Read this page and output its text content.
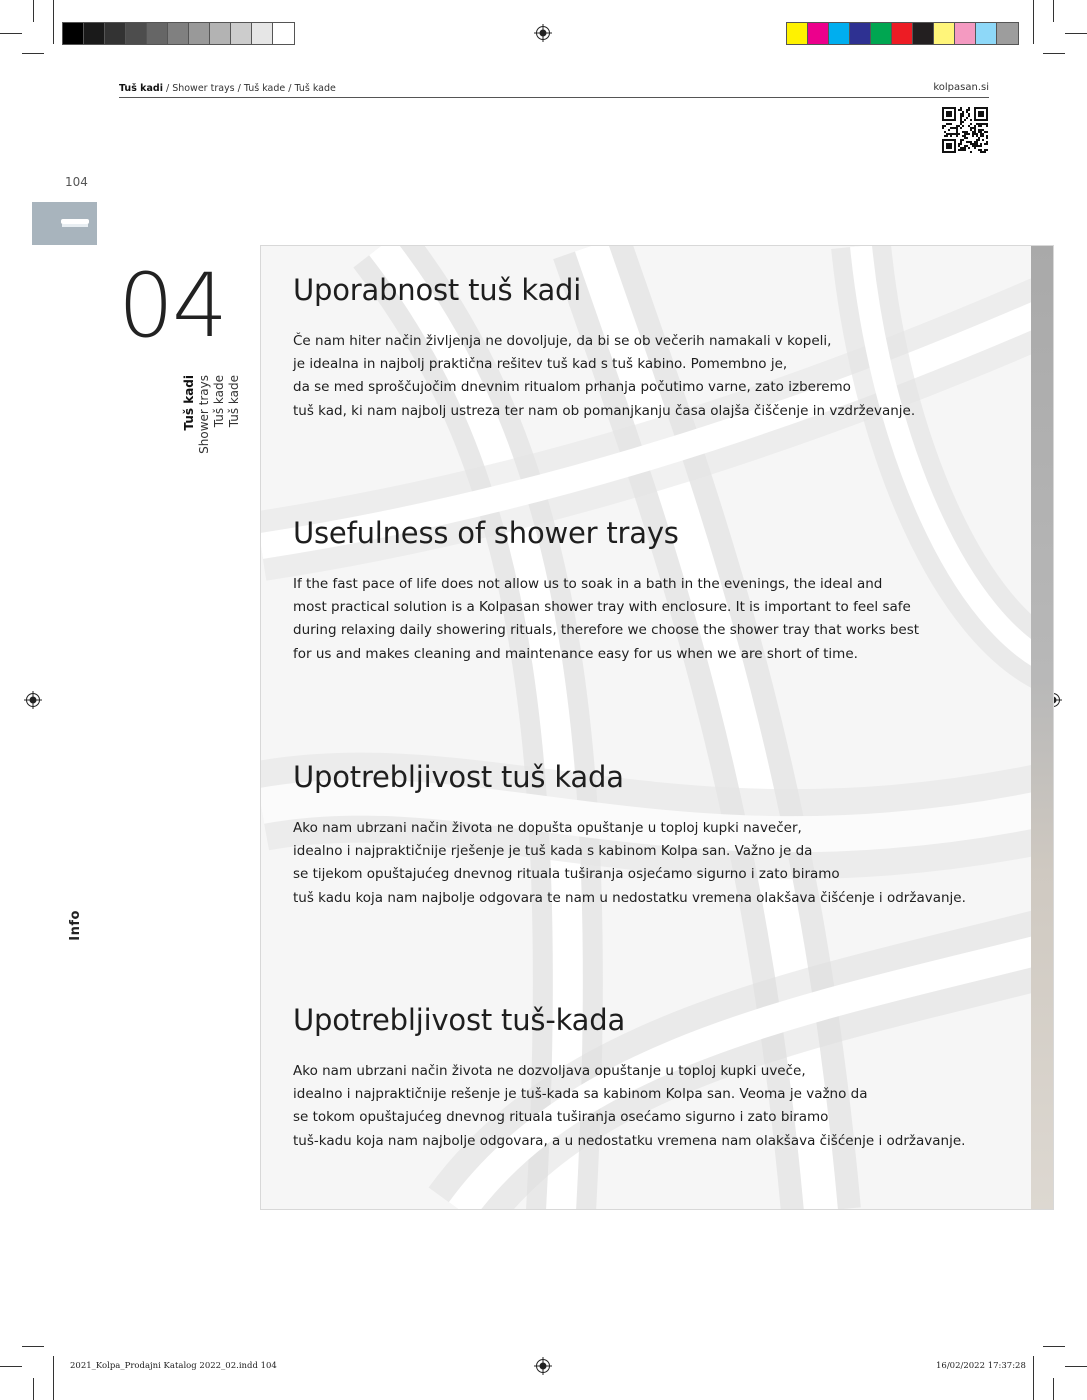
Tuš kadi / Shower trays / Tuš kade / Tuš kade	kolpasan.si
104
04
Tuš kadi Shower trays Tuš kade Tuš kade
Info
Uporabnost tuš kadi
Če nam hiter način življenja ne dovoljuje, da bi se ob večerih namakali v kopeli,
je idealna in najbolj praktična rešitev tuš kad s tuš kabino. Pomembno je,
da se med sproščujočim dnevnim ritualom prhanja počutimo varne, zato izberemo
tuš kad, ki nam najbolj ustreza ter nam ob pomanjkanju časa olajša čiščenje in vzdrževanje.
Usefulness of shower trays
If the fast pace of life does not allow us to soak in a bath in the evenings, the ideal and
most practical solution is a Kolpasan shower tray with enclosure. It is important to feel safe
during relaxing daily showering rituals, therefore we choose the shower tray that works best
for us and makes cleaning and maintenance easy for us when we are short of time.
Upotrebljivost tuš kada
Ako nam ubrzani način života ne dopušta opuštanje u toploj kupki navečer,
idealno i najpraktičnije rješenje je tuš kada s kabinom Kolpa san. Važno je da
se tijekom opuštajućeg dnevnog rituala tuširanja osjećamo sigurno i zato biramo
tuš kadu koja nam najbolje odgovara te nam u nedostatku vremena olakšava čišćenje i održavanje.
Upotrebljivost tuš-kada
Ako nam ubrzani način života ne dozvoljava opuštanje u toploj kupki uveče,
idealno i najpraktičnije rešenje je tuš-kada sa kabinom Kolpa san. Veoma je važno da
se tokom opuštajućeg dnevnog rituala tuširanja osećamo sigurno i zato biramo
tuš-kadu koja nam najbolje odgovara, a u nedostatku vremena nam olakšava čišćenje i održavanje.
2021_Kolpa_Prodajni Katalog 2022_02.indd 104	16/02/2022 17:37:28
